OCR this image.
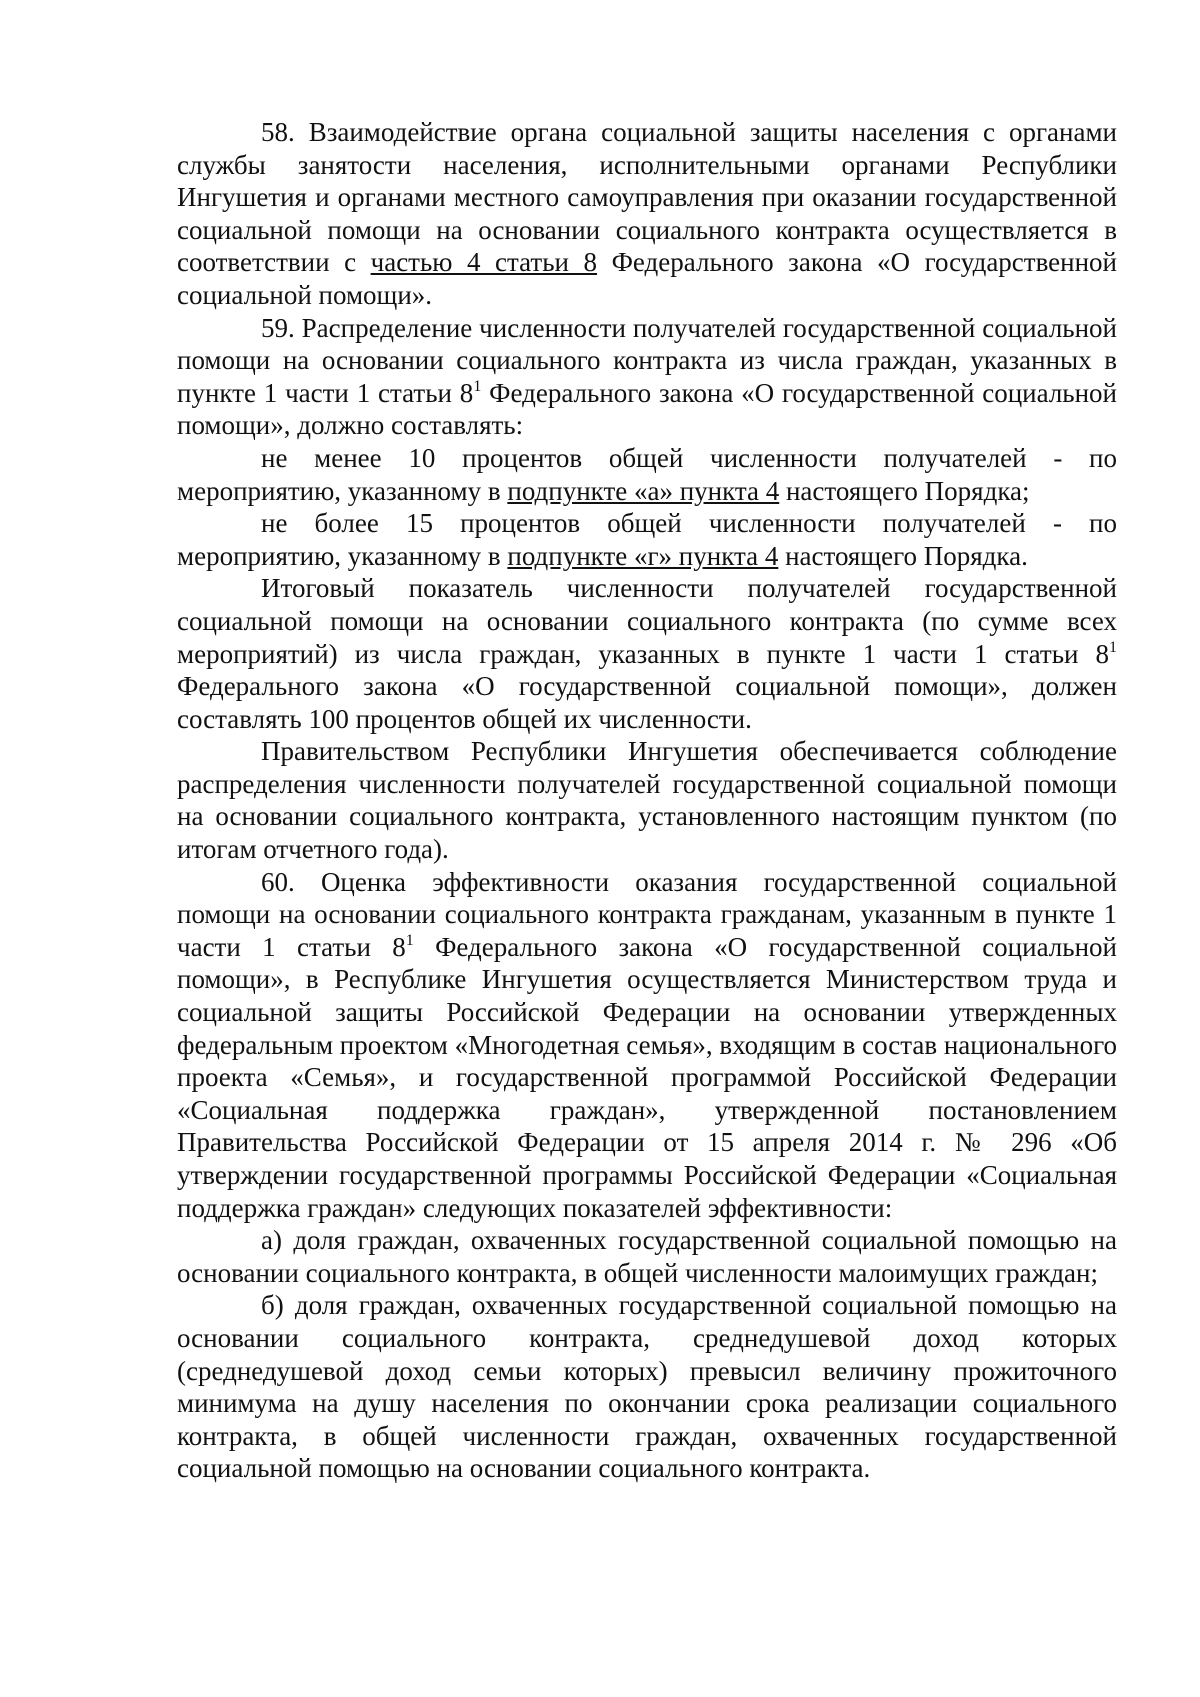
58. Взаимодействие органа социальной защиты населения с органами службы занятости населения, исполнительными органами Республики Ингушетия и органами местного самоуправления при оказании государственной социальной помощи на основании социального контракта осуществляется в соответствии с частью 4 статьи 8 Федерального закона «О государственной социальной помощи».

59. Распределение численности получателей государственной социальной помощи на основании социального контракта из числа граждан, указанных в пункте 1 части 1 статьи $8^1$ Федерального закона «О государственной социальной помощи», должно составлять:

не менее 10 процентов общей численности получателей - по мероприятию, указанному в подпункте «а» пункта 4 настоящего Порядка;

не более 15 процентов общей численности получателей - по мероприятию, указанному в подпункте «г» пункта 4 настоящего Порядка.

Итоговый показатель численности получателей государственной социальной помощи на основании социального контракта (по сумме всех мероприятий) из числа граждан, указанных в пункте 1 части 1 статьи $8^1$ Федерального закона «О государственной социальной помощи», должен составлять 100 процентов общей их численности.

Правительством Республики Ингушетия обеспечивается соблюдение распределения численности получателей государственной социальной помощи на основании социального контракта, установленного настоящим пунктом (по итогам отчетного года).

60. Оценка эффективности оказания государственной социальной помощи на основании социального контракта гражданам, указанным в пункте 1 части 1 статьи $8^1$ Федерального закона «О государственной социальной помощи», в Республике Ингушетия осуществляется Министерством труда и социальной защиты Российской Федерации на основании утвержденных федеральным проектом «Многодетная семья», входящим в состав национального проекта «Семья», и государственной программой Российской Федерации «Социальная поддержка граждан», утвержденной постановлением Правительства Российской Федерации от 15 апреля 2014 г. № 296 «Об утверждении государственной программы Российской Федерации «Социальная поддержка граждан» следующих показателей эффективности:

а) доля граждан, охваченных государственной социальной помощью на основании социального контракта, в общей численности малоимущих граждан;

б) доля граждан, охваченных государственной социальной помощью на основании социального контракта, среднедушевой доход которых (среднедушевой доход семьи которых) превысил величину прожиточного минимума на душу населения по окончании срока реализации социального контракта, в общей численности граждан, охваченных государственной социальной помощью на основании социального контракта.
